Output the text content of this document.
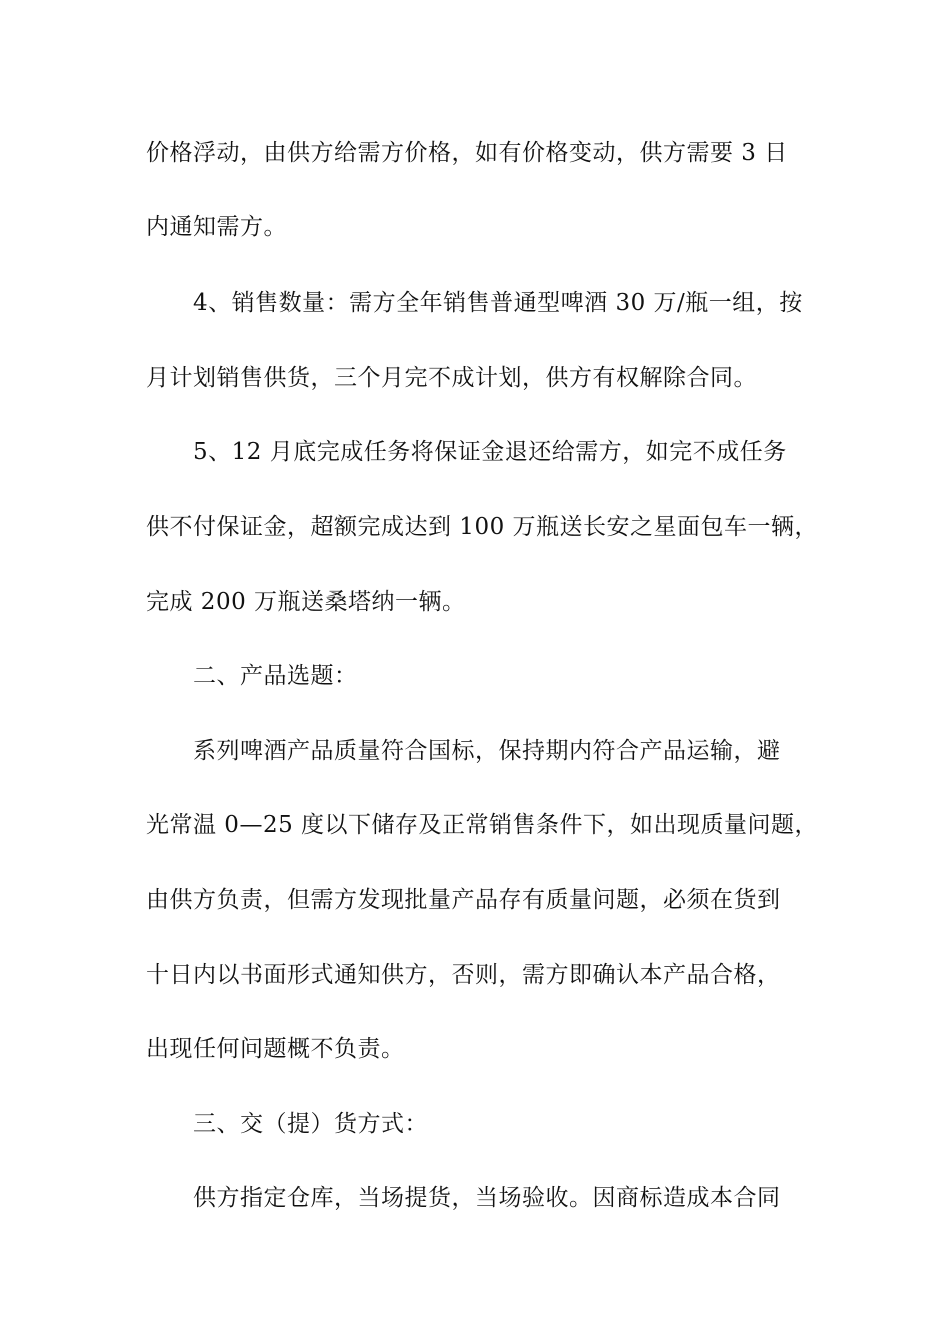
价格浮动，由供方给需方价格，如有价格变动，供方需要 3 日
内通知需方。
4、销售数量：需方全年销售普通型啤酒 30 万/瓶一组，按
月计划销售供货，三个月完不成计划，供方有权解除合同。
5、12 月底完成任务将保证金退还给需方，如完不成任务
供不付保证金，超额完成达到 100 万瓶送长安之星面包车一辆，
完成 200 万瓶送桑塔纳一辆。
二、产品选题：
系列啤酒产品质量符合国标，保持期内符合产品运输，避
光常温 0—25 度以下储存及正常销售条件下，如出现质量问题，
由供方负责，但需方发现批量产品存有质量问题，必须在货到
十日内以书面形式通知供方，否则，需方即确认本产品合格，
出现任何问题概不负责。
三、交（提）货方式：
供方指定仓库，当场提货，当场验收。因商标造成本合同
